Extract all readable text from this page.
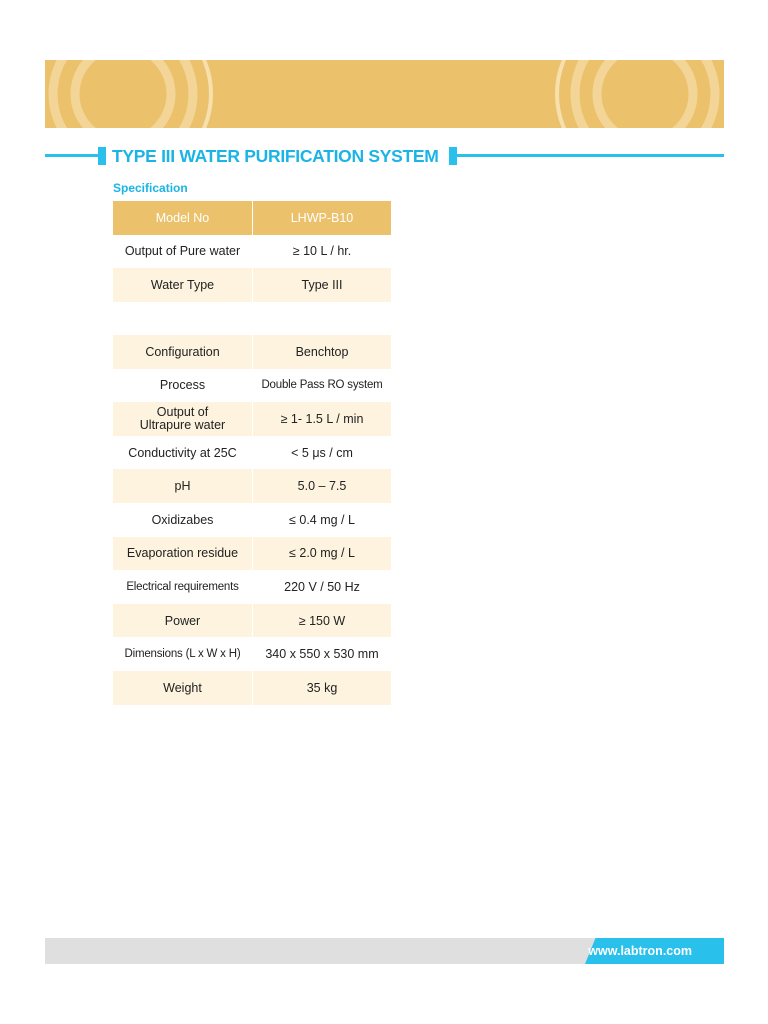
TYPE III WATER PURIFICATION SYSTEM
Specification
Model No	LHWP-B10
Output of Pure water	≥ 10 L / hr.
Water Type	Type III
Configuration	Benchtop
Process	Double Pass RO system
Output of
Ultrapure water	≥ 1- 1.5 L / min
Conductivity at 25C	< 5 μs / cm
pH	5.0 – 7.5
Oxidizabes	≤ 0.4 mg / L
Evaporation residue	≤ 2.0 mg / L
Electrical requirements	220 V / 50 Hz
Power	≥ 150 W
Dimensions (L x W x H)	340 x 550 x 530 mm
Weight	35 kg
www.labtron.com
